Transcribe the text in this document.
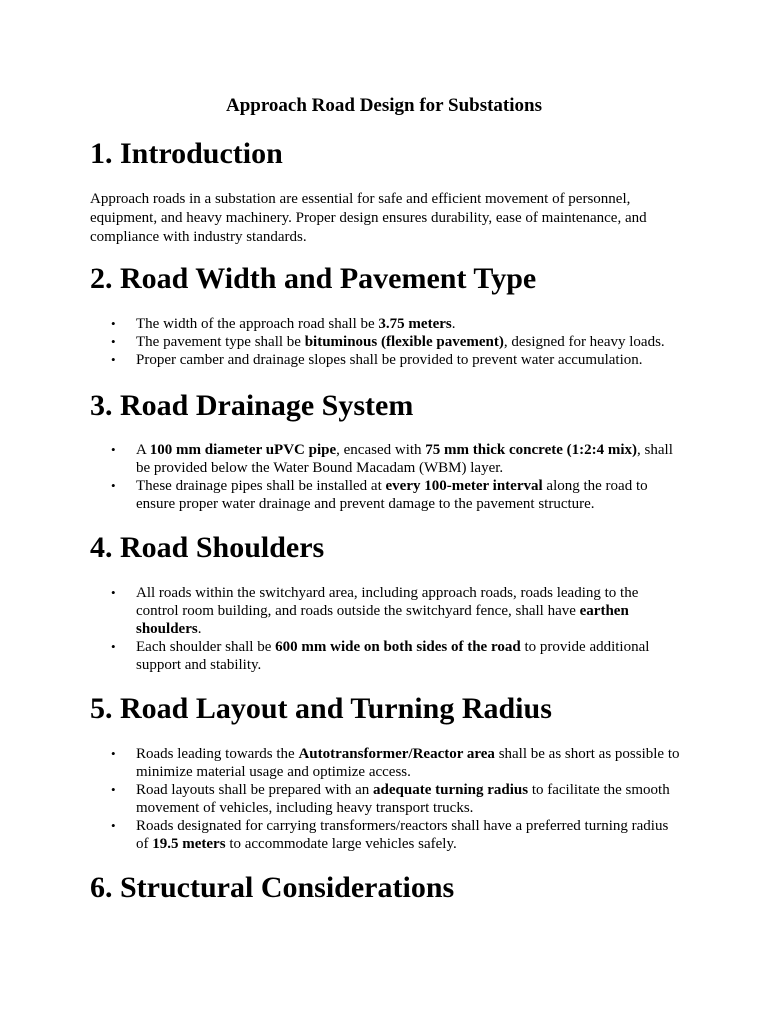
Approach Road Design for Substations
1. Introduction

Approach roads in a substation are essential for safe and efficient movement of personnel, equipment, and heavy machinery. Proper design ensures durability, ease of maintenance, and compliance with industry standards.

2. Road Width and Pavement Type
• The width of the approach road shall be 3.75 meters.
• The pavement type shall be bituminous (flexible pavement), designed for heavy loads.
• Proper camber and drainage slopes shall be provided to prevent water accumulation.
3. Road Drainage System
• A 100 mm diameter uPVC pipe, encased with 75 mm thick concrete (1:2:4 mix), shall be provided below the Water Bound Macadam (WBM) layer.
• These drainage pipes shall be installed at every 100-meter interval along the road to ensure proper water drainage and prevent damage to the pavement structure.
4. Road Shoulders
• All roads within the switchyard area, including approach roads, roads leading to the control room building, and roads outside the switchyard fence, shall have earthen shoulders.
• Each shoulder shall be 600 mm wide on both sides of the road to provide additional support and stability.
5. Road Layout and Turning Radius
• Roads leading towards the Autotransformer/Reactor area shall be as short as possible to minimize material usage and optimize access.
• Road layouts shall be prepared with an adequate turning radius to facilitate the smooth movement of vehicles, including heavy transport trucks.
• Roads designated for carrying transformers/reactors shall have a preferred turning radius of 19.5 meters to accommodate large vehicles safely.
6. Structural Considerations
